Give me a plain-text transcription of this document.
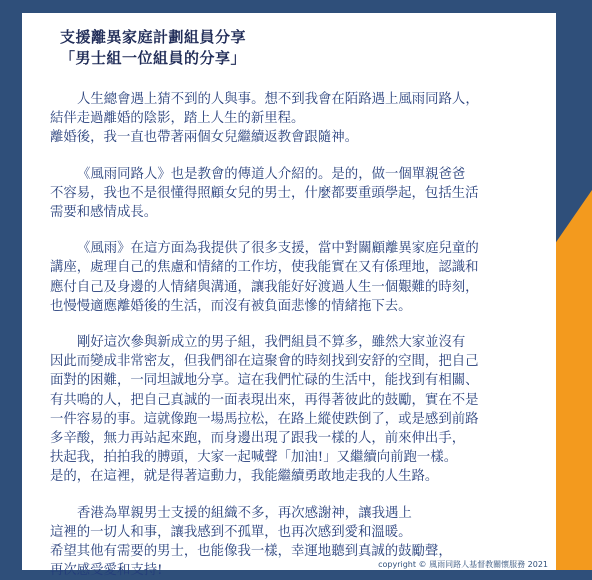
支援離異家庭計劃組員分享
「男士組一位組員的分享」
人生總會遇上猜不到的人與事。想不到我會在陌路遇上風雨同路人，
結伴走過離婚的陰影，踏上人生的新里程。
離婚後，我一直也帶著兩個女兒繼續返教會跟隨神。
《風雨同路人》也是教會的傳道人介紹的。是的，做一個單親爸爸
不容易，我也不是很懂得照顧女兒的男士，什麼都要重頭學起，包括生活
需要和感情成長。
《風雨》在這方面為我提供了很多支援，當中對關顧離異家庭兒童的
講座，處理自己的焦慮和情緒的工作坊，使我能實在又有係理地，認識和
應付自己及身邊的人情緒與溝通，讓我能好好渡過人生一個艱難的時刻，
也慢慢適應離婚後的生活，而沒有被負面悲慘的情緒拖下去。
剛好這次參與新成立的男子組，我們組員不算多，雖然大家並沒有
因此而變成非常密友，但我們卻在這聚會的時刻找到安舒的空間，把自己
面對的困難，一同坦誠地分享。這在我們忙碌的生活中，能找到有相關、
有共鳴的人，把自己真誠的一面表現出來，再得著彼此的鼓勵，實在不是
一件容易的事。這就像跑一場馬拉松，在路上縱使跌倒了，或是感到前路
多辛酸，無力再站起來跑，而身邊出現了跟我一樣的人，前來伸出手，
扶起我，拍拍我的膊頭，大家一起喊聲「加油!」又繼續向前跑一樣。
是的，在這裡，就是得著這動力，我能繼續勇敢地走我的人生路。
香港為單親男士支援的組織不多，再次感謝神，讓我遇上
這裡的一切人和事，讓我感到不孤單，也再次感到愛和溫暖。
希望其他有需要的男士，也能像我一樣，幸運地聽到真誠的鼓勵聲，
再次感受愛和支持!	copyright © 風雨同路人基督教關懷服務 2021
